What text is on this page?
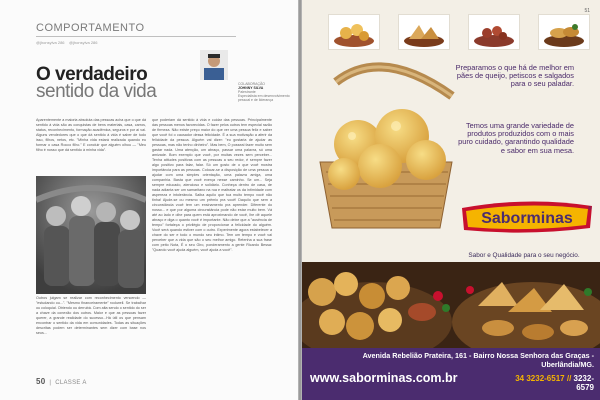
COMPORTAMENTO
@jhonsylva 286 @jhonsylva 286
O verdadeiro
sentido da vida	COLABORAÇÃO
JOHNNY SILVA
Palestrante
Especialista em desenvolvimento pessoal e de liderança
Aparentemente a maioria absoluta das pessoas acha que o que dá sentido à vida são as conquistas de bens materiais, casa, carros, status, reconhecimento, formação acadêmica, seguros e por aí vai. Alguns vendedores que o que dá sentido à vida é saber de tudo isso, filhos, netos, etc. "Minha vida estará realizada quando eu formar o casa Rocco filho." E concluir que alguém olhou — "Meu filho é nosso que dá sentido à minha vida".
Outros julgam se realizar com reconhecimento vencendo — "estudando ou...". "Mesmo financeiramente" rockwell. Se trabalhar ou coloquial. Obtendo ou derrubá. Com alta sendo o sentido do ser a chave da conexão dos outros. Maior e que as pessoas fazer querer, a grande realidade do sucesso...Há útil os que pensam encontrar o sentido da vida em comunidades. Todas as situações descritas podem ser determinantes sem dizer com base nos seus...
que poderiam dá sentido à vida e cuidar das pessoas. Principalmente das pessoas menos favorecidas. O fazer pelos outros tem especial razão de firmeza. Não existe preço maior do que ver uma pessoa feliz e saber que você foi o causador dessa felicidade. É a sua motivação a aferir da felicidade da pessoa. Alguém vai dizer: "eu gostaria de ajudar as pessoas, mas não tenho dinheiro". Mas bem, O posseal fazer muito sem gastar nada. Uma atenção, um abraço, passar uma palavra, só uma amizade. Bom exemplo que você, por muitas vezes sem perceber... Tenha atitudes positivas com as pessoas a seu redor, é sempre fazer algo positivo para falar, falar. Só um gosto de o que você mostra importância para as pessoas. Colocar-se a disposição de uma pessoa a ajudar com uma simples orientação, uma palavra amiga, uma companhia. Basta que você exerça nesse caminho. Se um... Seja sempre educado, atencioso e solidário. Conheça dentro de casa, de nada adianta ser um samaritano na rua e maltratar os da intimidade com aspereza e intolerância. Saiba aquilo que tua muito tempo você não tinha! Ajude-se ou mesmo um prêmio pra você! Daquilo que sem a circunstância você tem um ensinamento pra aprender. Diferente do nosso... e que por alguma circunstância pode não estar muito bem. Vá até ao lado e olhe para quem está aproximando de você, lhe dê aquele abraço e diga o quanto você é importante. Não deixe que a "ausência de tempo" fortaleça o privilégio de proporcionar a felicidade do alguém. Você será quando estiver com o outro. Experimente agora estabelecer a chave do ser e todo o mundo seu intimo. Tem um tempo e você vai perceber que a vida que são o seu melhor amigo. Retenha a sua frase com peito Nota, É o seu Giro, ponderamento a gente Ricardo Bessa: "Quando você ajuda alguém, você ajuda a você".
50  |  CLASSE A
51
Preparamos o que há de melhor em pães de queijo, petiscos e salgados para o seu paladar.
Temos uma grande variedade de produtos produzidos com o mais puro cuidado, garantindo qualidade e sabor em sua mesa.
Saborminas
®
Sabor e Qualidade para o seu negócio.
Avenida Rebelião Prateira, 161 - Bairro Nossa Senhora das Graças - Uberlândia/MG.
www.saborminas.com.br	34 3232-6517 // 3232-6579
